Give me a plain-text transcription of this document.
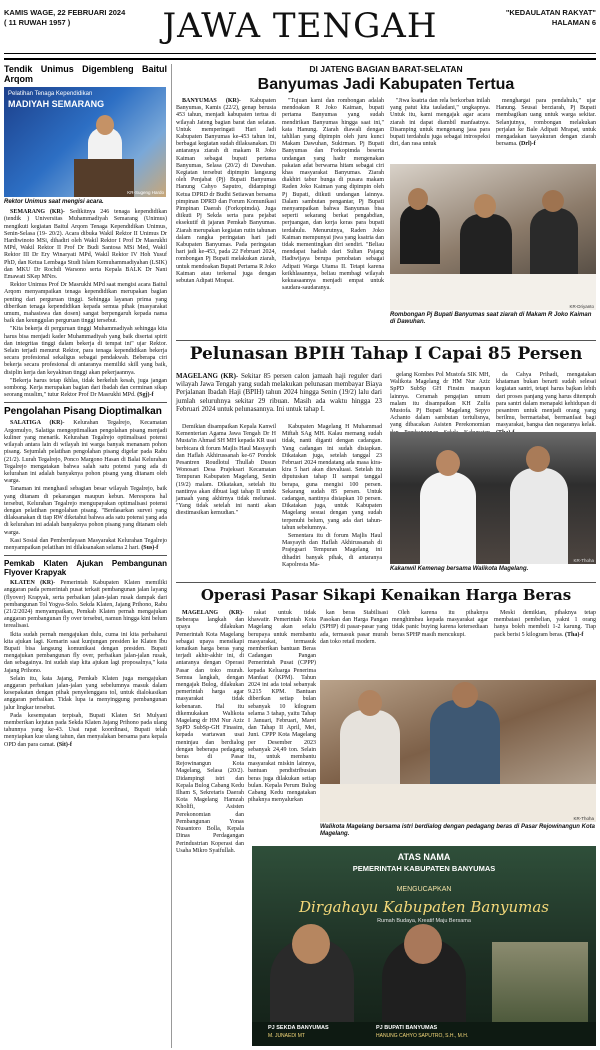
KAMIS WAGE, 22 FEBRUARI 2024
( 11 RUWAH 1957 )	JAWA TENGAH	"KEDAULATAN RAKYAT"
HALAMAN 6
Tendik Unimus Digembleng Baitul Arqom
Pelatihan Tenaga Kependidikan
MADIYAH SEMARANG
KR-Sugeng Hardo
Rektor Unimus saat mengisi acara.

SEMARANG (KR)- Sedikitnya 246 tenaga kependidikan (tendik ) Universitas Muhammadiyah Semarang (Unimus) mengikuti kegiatan Baitul Arqom Tenaga Kependidikan Unimus, Senin-Selasa (19- 20/2). Acara dibuka Wakil Rektor II Unimus Dr Hardiwinoto MSi, dihadiri oleh Wakil Rektor I Prof Dr Masrukhi MPd, Wakil Rektor II Prof Dr Budi Santosa MSi Med, Wakil Rektor III Dr Ery Winaryati MPd, Wakil Rektor IV Hoh Yusuf PhD, dan Ketua Lembaga Studi Islam Kemuhammadiyahan (LSIK) dan MKU Dr Rochdi Warsono serta Kepala BALK Dr Nani Emawati SKep MNrs.

Rektor Unimus Prof Dr Masrukhi MPd saat mengisi acara Baitul Arqom menyampaikan tenaga kependidikan merupakan bagian penting dari perguruan tinggi. Sehingga layanan prima yang diberikan tenaga kependidikan kepada semua pihak (masyarakat umum, mahasiswa dan dosen) sangat berpengaruh kepada nama baik dan keunggulan perguruan tinggi tersebut.

"Kita bekerja di perguruan tinggi Muhammadiyah sehingga kita harus bisa menjadi kader Muhammadiyah yang baik disertai spirit dan integritas tinggi dalam bekerja di tempat ini" ujar Rektor. Selain terjadi menurut Rektor, para tenaga kependidikan bekerja secara profesional sekaligus sebagai pendakwah. Beberapa ciri bekerja secara profesional di antaranya memiliki skill yang baik, disiplin kerja dan keyakinan tinggi akan pekerjaannya.

"Bekerja harus tetap ikhlas, tidak berkeluh kesah, juga jangan sombong. Kerja merupakan bagian dari ibadah dan cerminan sikap seorang muslim," tutur Rektor Prof Dr Masrukhi MPd. (Sgj)-f

Pengolahan Pisang Dioptimalkan

SALATIGA (KR)- Kelurahan Tegalrejo, Kecamatan Argomulyo, Salatiga mengoptimalkan pengolahan pisang menjadi kuliner yang menarik. Kelurahan Tegalrejo optimalisasi potensi wilayah antara lain di wilayah ini warga banyak menanam pohon pisang. Sejumlah pelatihan pengolahan pisang digelar pada Rabu (21/2). Lurah Tegalrejo, Ponco Margono Hasan di Balai Kelurahan Tegalrejo mengatakan bahwa salah satu potensi yang ada di kelurahan ini adalah banyaknya pohon pisang yang ditanam oleh warga.

Tanaman ini menghasil sebagian besar wilayah Tegalrejo, baik yang ditanam di pekarangan maupun kebun. Merespons hal tersebut, Kelurahan Tegalrejo mengupayakan optimalisasi potensi dengan pelatihan pengolahan pisang. "Berdasarkan survei yang dilaksanakan di tiap RW diketahui bahwa ada satu potensi yang ada di kelurahan ini adalah banyaknya pohon pisang yang ditanam oleh warga.

Kasi Sosial dan Pemberdayaan Masyarakat Kelurahan Tegalrejo menyampaikan pelatihan ini dilaksanakan selama 2 hari. (Sus)-f

Pemkab Klaten Ajukan Pembangunan Flyover Krapyak

KLATEN (KR)- Pemerintah Kabupaten Klaten memiliki anggaran pada pemerintah pusat terkait pembangunan jalan layang (flyover) Krapyak, serta perbaikan jalan-jalan rusak dampak dari pembangunan Tol Yogya-Solo. Sekda Klaten, Jajang Prihono, Rabu (21/2/2024) menyampaikan, Pemkab Klaten pernah mengajukan anggaran pembangunan fly over tersebut, namun hingga kini belum terealisasi.

Ikita sudah pernah mengajukan dulu, cuma ini kita perbaharui kita ajukan lagi. Kemarin saat kunjungan presiden ke Klaten Ibu Bupati bisa langsung komunikasi dengan presiden. Bupati mengajukan pembangunan fly over, perbaikan jalan-jalan rusak, dan sebagainya. Ini sudah siap kita ajukan lagi proposalnya," kata Jajang Prihono.

Selain itu, kata Jajang, Pemkab Klaten juga mengajukan anggaran perbaikan jalan-jalan yang sebelumnya masuk dalam kesepakatan dengan pihak penyelenggara tol, untuk dialokasikan anggaran perbaikan. Tidak lupa ia menyinggung pembangunan jalur lingkar tersebut.

Pada kesempatan terpisah, Bupati Klaten Sri Mulyani memberikan kejutan pada Sekda Klaten Jajang Prihono pada ulang tahunnya yang ke-43. Usai rapat koordinasi, Bupati telah menyiapkan kue ulang tahun, dan menyalakan bersama para kepala OPD dan para camat. (Sit)-f

DI JATENG BAGIAN BARAT-SELATAN
Banyumas Jadi Kabupaten Tertua

BANYUMAS (KR)- Kabupaten Banyumas, Kamis (22/2), genap berusia 453 tahun, menjadi kabupaten tertua di wilayah Jateng bagian barat dan selatan. Untuk memperingati Hari Jadi Kabupaten Banyumas ke-453 tahun ini, berbagai kegiatan sudah dilaksanakan. Di antaranya ziarah di makam R Joko Kaiman sebagai bupati pertama Banyumas, Selasa (20/2) di Dawuhan. Kegiatan tersebut dipimpin langsung oleh Penjabat (Pj) Bupati Banyumas Hanung Cahyo Saputro, didampingi Ketua DPRD dr Budhi Setiawan bersama pimpinan DPRD dan Forum Komunikasi Pimpinan Daerah (Forkopimda). Juga diikuti Pj Sekda serta para pejabat eksekutif di jajaran Pemkab Banyumas. Ziarah merupakan kegiatan rutin tahunan dalam rangka peringatan hari jadi Kabupaten Banyumas. Pada peringatan hari jadi ke-453, pada 22 Februari 2024, rombongan Pj Bupati melakukan ziarah, untuk mendoakan Bupati Pertama R Joko Kaiman atau terkenal juga dengan sebutan Adipati Mrapat.

"Tujuan kami dan rombongan adalah mendoakan R Joko Kaiman, bupati pertama Banyumas yang sudah mendirikan Banyumas hingga saat ini," kata Hanung. Ziarah diawali dengan tahlilan yang dipimpin oleh juru kunci Makam Dawuhan, Sukirman. Pj Bupati Banyumas dan Forkopimda beserta undangan yang hadir mengenakan pakaian adat berwarna hitam sebagai ciri khas masyarakat Banyumas. Ziarah diakhiri tabur bunga di pusara makam Raden Joko Kaiman yang dipimpin oleh Pj Bupati, diikuti undangan lainnya. Dalam sambutan pengantar, Pj Bupati menyampaikan bahwa Banyumas bisa seperti sekarang berkat pengabdian, perjuangan, dan kerja keras para bupati terdahulu. Menurutnya, Raden Joko Kaiman mempunyai jiwa yang ksatria dan tidak mementingkan diri sendiri. "Beliau mendapat hadiah dari Sultan Pajang Hadiwijaya berupa penobatan sebagai Adipati Warga Utama II. Tetapi karena keikhlasannya, beliau membagi wilayah kekuasaannya menjadi empat untuk saudara-saudaranya.

"Jiwa ksatria dan rela berkorban inilah yang patut kita tauladani," ungkapnya. Untuk itu, kami mengajak agar acara ziarah ini dapat diambil manfaatnya. Disamping untuk mengenang jasa para bupati terdahulu juga sebagai introspeksi diri, dan rasa untuk

menghargai para pendahulu," ujar Hanung. Seusai berziarah, Pj Bupati membagikan uang untuk warga sekitar. Selanjutnya, rombongan melakukan perjalan ke Bale Adipati Mrapat, untuk mengadakan tasyakuran dengan ziarah bersama. (Drl)-f

KR-Driyanto
Rombongan Pj Bupati Banyumas saat ziarah di Makam R Joko Kaiman di Dawuhan.
Pelunasan BPIH Tahap I Capai 85 Persen

MAGELANG (KR)- Sekitar 85 persen calon jamaah haji reguler dari wilayah Jawa Tengah yang sudah melakukan pelunasan membayar Biaya Perjalanan Ibadah Haji (BPIH) tahun 2024 hingga Senin (19/2) lalu dari jumlah seluruhnya sekitar 29 ribuan. Masih ada waktu hingga 23 Februari 2024 untuk pelunasannya. Ini untuk tahap I.

Demikian disampaikan Kepala Kanwil Kementerian Agama Jawa Tengah Dr H Musta'in Ahmad SH MH kepada KR usai berbicara di forum Majlis Haul Masyayih dan Haflah Akhirussanah ke-67 Pondok Pesantren Roudlotul Thullab Dusun Wonosari Desa Prajeksari Kecamatan Tempuran Kabupaten Magelang, Senin (19/2) malam. Dikatakan, setelah itu nantinya akan dibuat lagi tahap II untuk jamaah yang akhirnya tidak melunasi. "Yang tidak setelah ini nanti akan diestimasikan kemudian."

Kabupaten Magelang H Muhammad Miftah SAg MH. Kalau memang sudah tidak, nanti diganti dengan cadangan. Yang cadangan ini sudah disiapkan. Dikatakan juga, setelah tanggal 23 Februari 2024 mendatang ada masa kira-kira 5 hari akan dievaluasi. Setelah itu diputuskan tahap II sampai tanggal berapa, guna mengisi 100 persen. Sekarang sudah 85 persen. Untuk cadangan, nantinya disiapkan 10 persen. Dikatakan juga, untuk Kabupaten Magelang sesuai dengan yang sudah terpenuhi belum, yang ada dari tahun-tahun sebelumnya.

Sementara itu di forum Majlis Haul Masyayih dan Haflah Akhirussanah di Prajegsari Tempuran Magelang ini dihadiri banyak pihak, di antaranya Kapolresta Ma-

gelang Kombes Pol Mustofa SIK MH, Walikota Magelang dr HM Nur Aziz SpPD SubSp GH Finsim maupun lainnya. Ceramah pengajian umum malam itu disampaikan KH Zulfa Mustofa. Pj Bupati Magelang Sepyo Achanto dalam sambutan tertulisnya, yang dibacakan Asisten Perekonomian

da Cahya Prihadi, mengatakan khataman bukan berarti sudah selesai kegiatan santri, tetapi harus bajkan lebih dari proses panjang yang harus ditempuh para santri dalam menapaki kehidupan di pesantren untuk menjadi orang yang berilmu, bermartabat, bermanfaat bagi masyarakat, bangsa dan negaranya kelak.

KR-Thoha
Kakanwil Kemenag bersama Walikota Magelang.
Operasi Pasar Sikapi Kenaikan Harga Beras

MAGELANG (KR)- Beberapa langkah dan upaya dilakukan Pemerintah Kota Magelang sebagai upaya mensikapi kenaikan harga beras yang terjadi akhir-akhir ini, di antaranya dengan Operasi Pasar dan toko murah. Semua langkah, dengan mengajak Bulog, dilakukan pemerintah harga agar masyarakat tidak kebenaran. Hal itu dikemukakan Walikota Magelang dr HM Nur Aziz SpPD SubSp-GH Finasim, kepada wartawan usai meninjau dan berdialog dengan beberapa pedagang beras di Pasar Rejowinangun Kota Magelang, Selasa (20/2). Didampingi istri dan Kepala Bulog Cabang Kedu Ilham S, Sekretaris Daerah Kota Magelang Hamzah Kholifi, Asisten Perekonomian dan Pembangunan Yonas Nusantoro Bolla, Kepala Dinas Perdagangan Perindustrian Koperasi dan Usaha Mikro Syaifullah.

rakat untuk tidak khawatir. Pemerintah Kota Magelang akan selalu berupaya untuk membantu masyarakat, termasuk memberikan bantuan Beras Cadangan Pangan Pemerintah Pusat (CPPP) kepada Keluarga Penerima Manfaat (KPM). Tahun 2024 ini ada total sebanyak 9.215 KPM. Bantuan diberikan setiap bulan sebanyak 10 kilogram selama 3 tahap, yaitu Tahap I Januari, Februari, Maret dan Tahap II April, Mei, Juni. CPPP Kota Magelang per Desember 2023 sebanyak 24,49 ton. Selain itu, untuk membantu masyarakat miskin lainnya, bantuan pendistribusian beras juga dilakukan setiap bulan. Kepala Perum Bulog Cabang Kedu mengatakan pihaknya menyalurkan

kan beras Stabilisasi Pasokan dan Harga Pangan (SPHP) di pasar-pasar yang ada, termasuk pasar murah dan toko retail modern.

Oleh karena itu pihaknya menghimbau kepada masyarakat agar tidak panic buying karena ketersediaan beras SPHP masih mencukupi.

Meski demikian, pihaknya tetap membatasi pembelian, yakni 1 orang hanya boleh membeli 1-2 karung. Tiap pack berisi 5 kilogram beras. (Tha)-f

KR-Thoha
Walikota Magelang bersama istri berdialog dengan pedagang beras di Pasar Rejowinangun Kota Magelang.
ATAS NAMA
PEMERINTAH KABUPATEN BANYUMAS
MENGUCAPKAN
Dirgahayu Kabupaten Banyumas
Rumah Budaya, Kreatif Maju Bersama
PJ SEKDA BANYUMAS
M. JUNAEDI MT
PJ BUPATI BANYUMAS
HANUNG CAHYO SAPUTRO, S.H., M.H.
